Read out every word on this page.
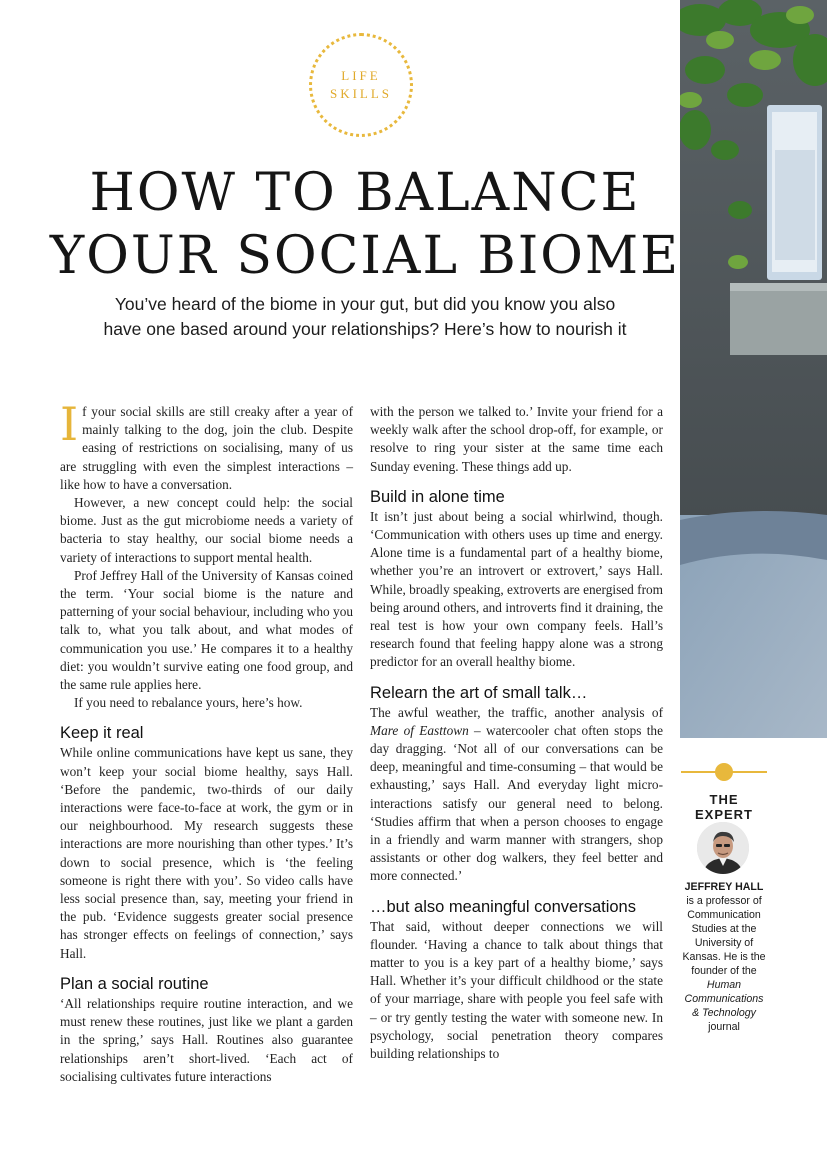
LIFE
SKILLS
HOW TO BALANCE
YOUR SOCIAL BIOME
You’ve heard of the biome in your gut, but did you know you also
have one based around your relationships? Here’s how to nourish it

If your social skills are still creaky after a year of mainly talking to the dog, join the club. Despite easing of restrictions on socialising, many of us are struggling with even the simplest interactions – like how to have a conversation.

However, a new concept could help: the social biome. Just as the gut microbiome needs a variety of bacteria to stay healthy, our social biome needs a variety of interactions to support mental health.

Prof Jeffrey Hall of the University of Kansas coined the term. ‘Your social biome is the nature and patterning of your social behaviour, including who you talk to, what you talk about, and what modes of communication you use.’ He compares it to a healthy diet: you wouldn’t survive eating one food group, and the same rule applies here.

If you need to rebalance yours, here’s how.

Keep it real

While online communications have kept us sane, they won’t keep your social biome healthy, says Hall. ‘Before the pandemic, two-thirds of our daily interactions were face-to-face at work, the gym or in our neighbourhood. My research suggests these interactions are more nourishing than other types.’ It’s down to social presence, which is ‘the feeling someone is right there with you’. So video calls have less social presence than, say, meeting your friend in the pub. ‘Evidence suggests greater social presence has stronger effects on feelings of connection,’ says Hall.

Plan a social routine

‘All relationships require routine interaction, and we must renew these routines, just like we plant a garden in the spring,’ says Hall. Routines also guarantee relationships aren’t short-lived. ‘Each act of socialising cultivates future interactions

with the person we talked to.’ Invite your friend for a weekly walk after the school drop-off, for example, or resolve to ring your sister at the same time each Sunday evening. These things add up.

Build in alone time

It isn’t just about being a social whirlwind, though. ‘Communication with others uses up time and energy. Alone time is a fundamental part of a healthy biome, whether you’re an introvert or extrovert,’ says Hall. While, broadly speaking, extroverts are energised from being around others, and introverts find it draining, the real test is how your own company feels. Hall’s research found that feeling happy alone was a strong predictor for an overall healthy biome.

Relearn the art of small talk…

The awful weather, the traffic, another analysis of Mare of Easttown – watercooler chat often stops the day dragging. ‘Not all of our conversations can be deep, meaningful and time-consuming – that would be exhausting,’ says Hall. And everyday light micro-interactions satisfy our general need to belong. ‘Studies affirm that when a person chooses to engage in a friendly and warm manner with strangers, shop assistants or other dog walkers, they feel better and more connected.’

…but also meaningful conversations

That said, without deeper connections we will flounder. ‘Having a chance to talk about things that matter to you is a key part of a healthy biome,’ says Hall. Whether it’s your difficult childhood or the state of your marriage, share with people you feel safe with – or try gently testing the water with someone new. In psychology, social penetration theory compares building relationships to

THE
EXPERT
JEFFREY HALL is a professor of Communication Studies at the University of Kansas. He is the founder of the Human Communications & Technology journal
